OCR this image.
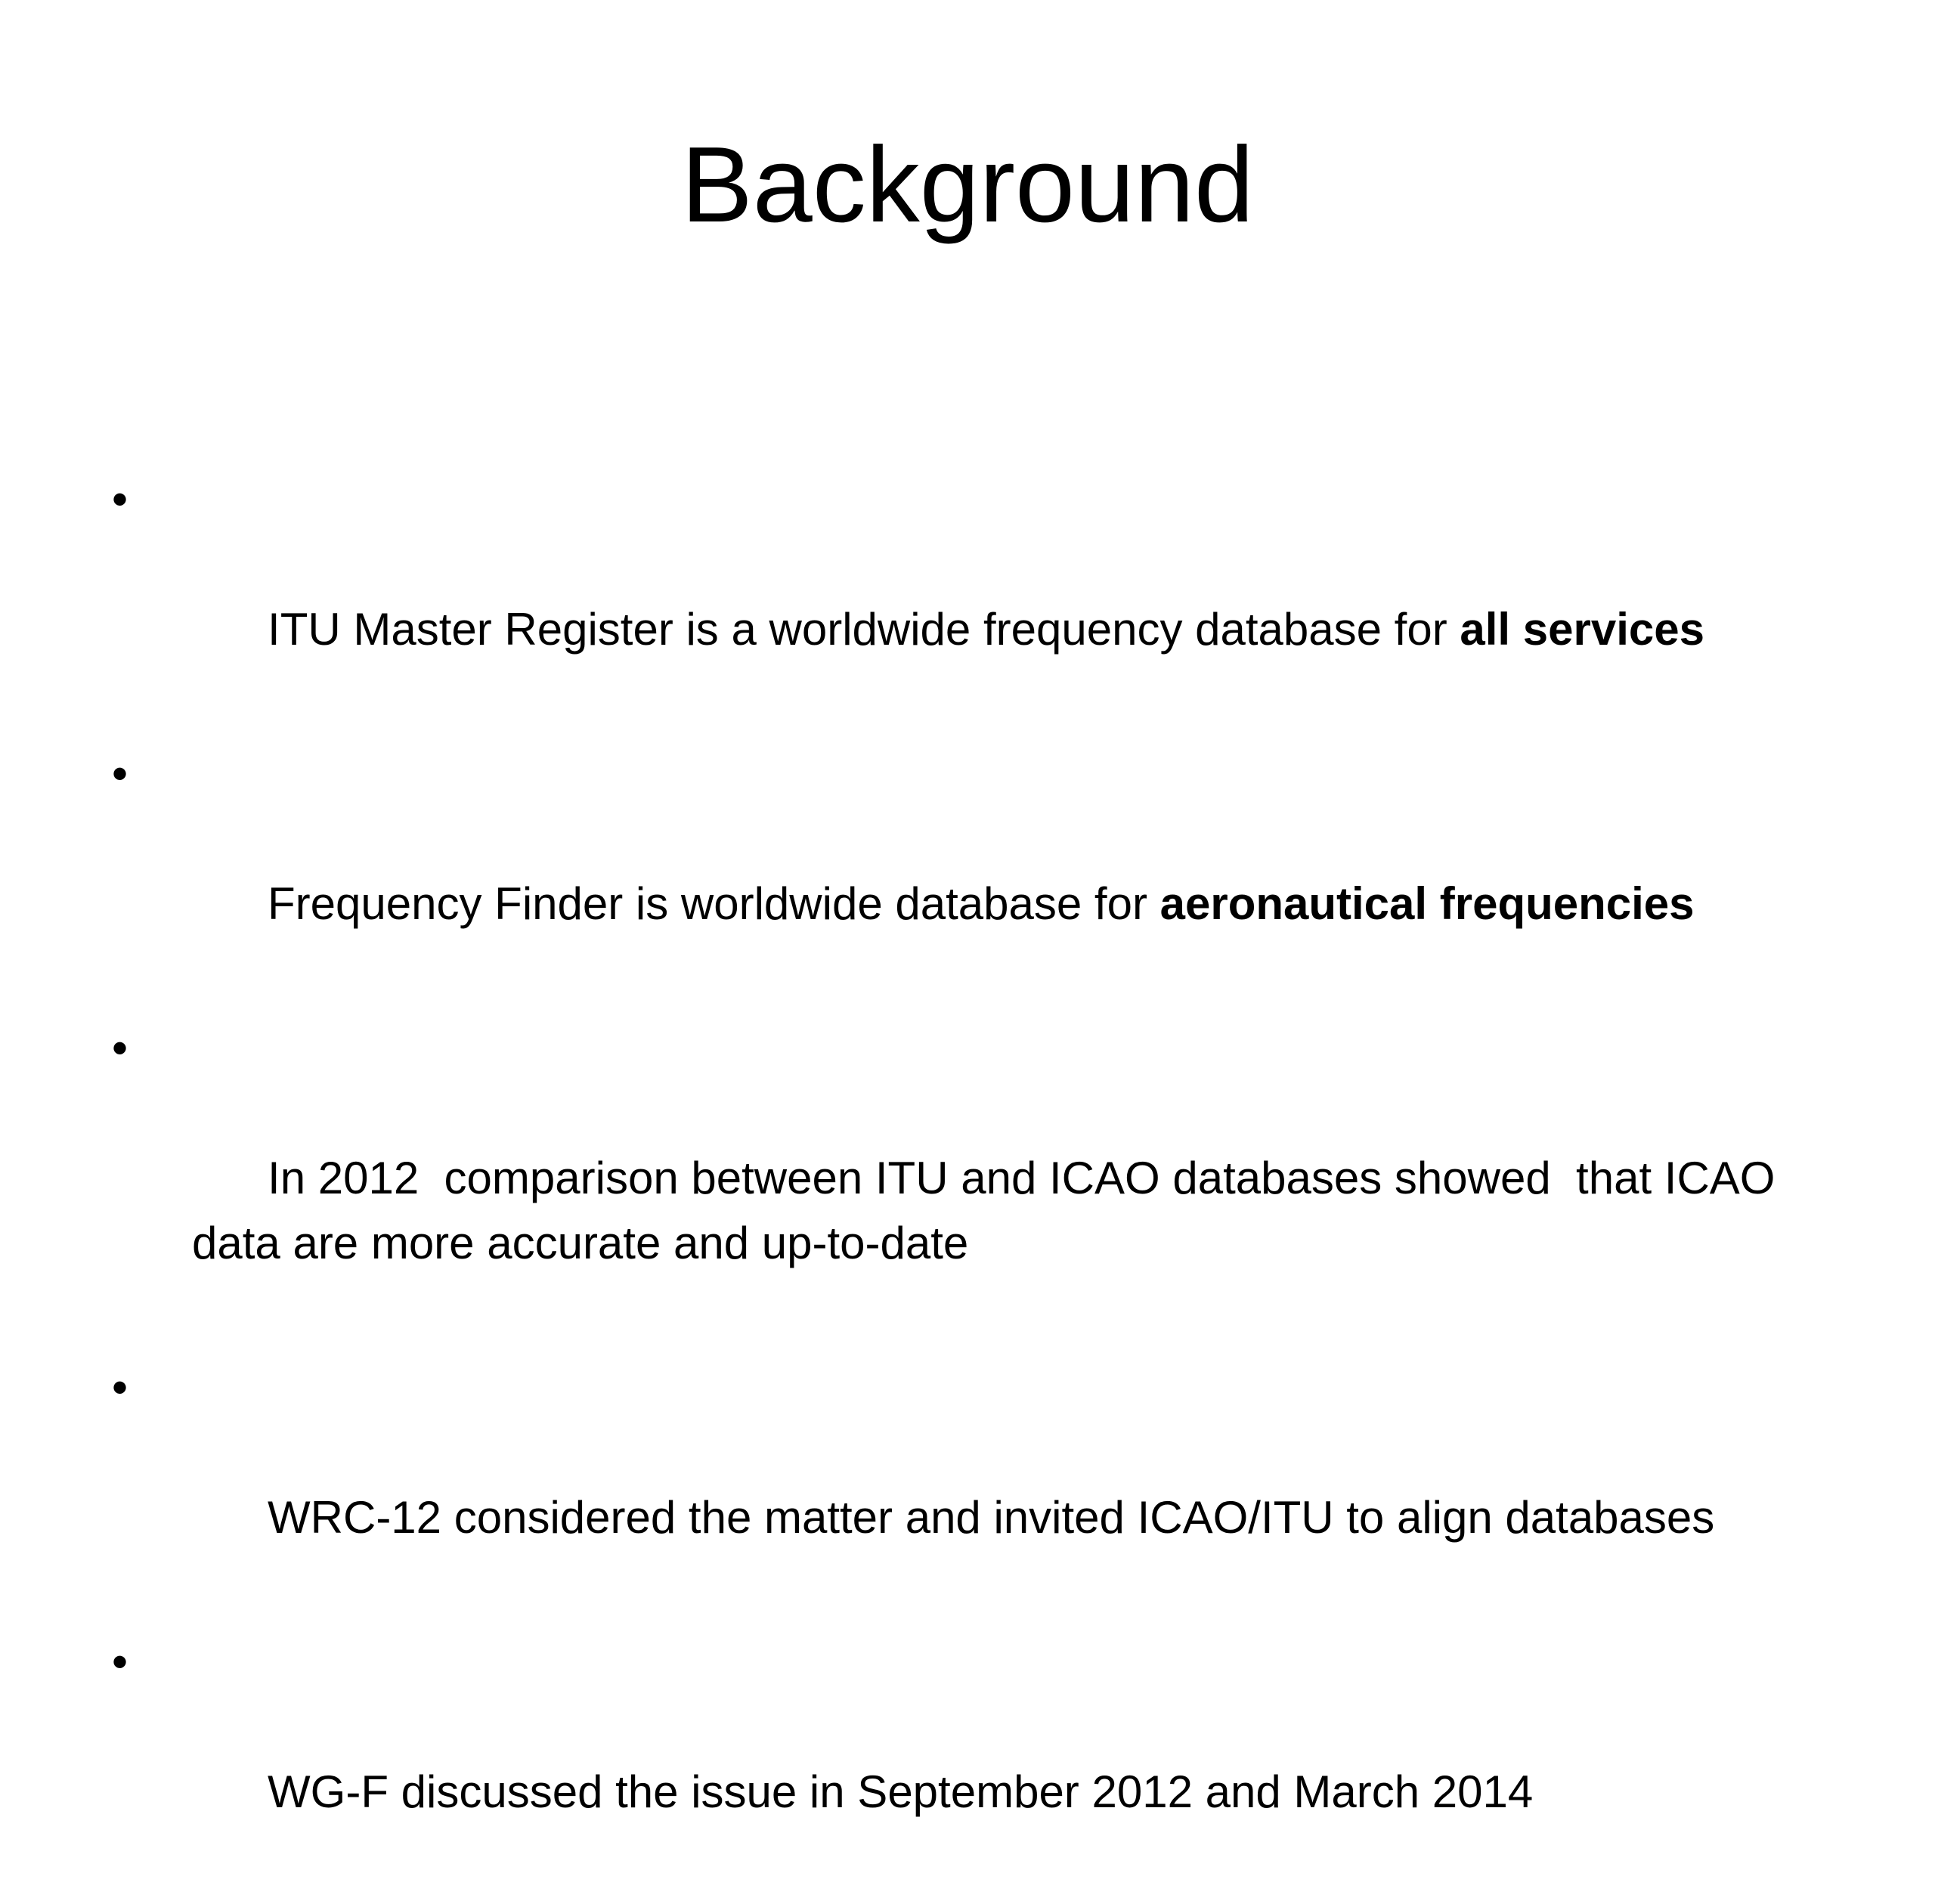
Background

•

ITU Master Register is a worldwide frequency database for all services

•

Frequency Finder is worldwide database for aeronautical frequencies

•

In 2012  comparison between ITU and ICAO databases showed  that ICAO data are more accurate and up-to-date

•

WRC-12 considered the matter and invited ICAO/ITU to align databases

•

WG-F discussed the issue in September 2012 and March 2014
